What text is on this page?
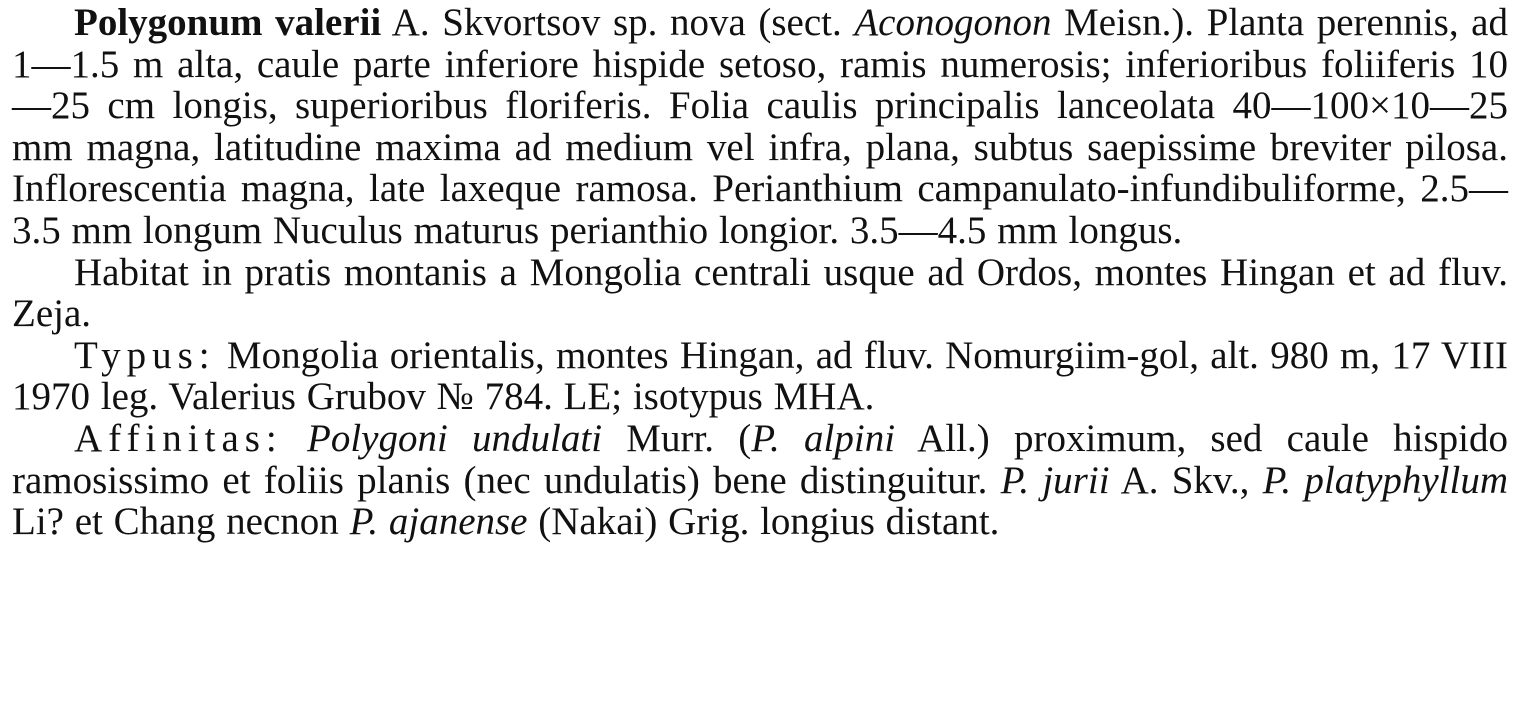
Polygonum valerii A. Skvortsov sp. nova (sect. Aconogonon Meisn.). Planta perennis, ad 1—1.5 m alta, caule parte inferiore hispide setoso, ramis numerosis; inferioribus foliiferis 10—25 cm longis, superioribus floriferis. Folia caulis principalis lanceolata 40—100×10—25 mm magna, latitudine maxima ad medium vel infra, plana, subtus saepissime breviter pilosa. Inflorescentia magna, late laxeque ramosa. Perianthium campanulato-infundibuliforme, 2.5—3.5 mm longum Nuculus maturus perianthio longior. 3.5—4.5 mm longus.

Habitat in pratis montanis a Mongolia centrali usque ad Ordos, montes Hingan et ad fluv. Zeja.

Typus: Mongolia orientalis, montes Hingan, ad fluv. Nomurgiim-gol, alt. 980 m, 17 VIII 1970 leg. Valerius Grubov № 784. LE; isotypus MHA.

Affinitas: Polygoni undulati Murr. (P. alpini All.) proximum, sed caule hispido ramosissimo et foliis planis (nec undulatis) bene distinguitur. P. jurii A. Skv., P. platyphyllum Li? et Chang necnon P. ajanense (Nakai) Grig. longius distant.
